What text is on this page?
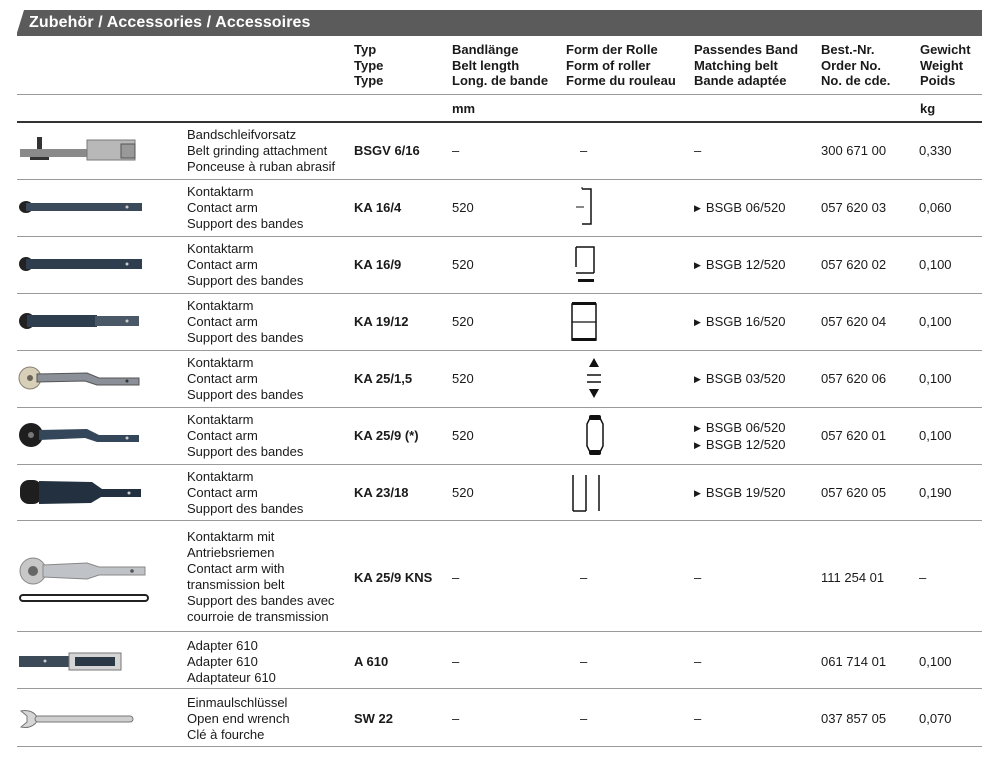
Zubehör / Accessories / Accessoires
Typ
Type
Type
Bandlänge
Belt length
Long. de bande
Form der Rolle
Form of roller
Forme du rouleau
Passendes Band
Matching belt
Bande adaptée
Best.-Nr.
Order No.
No. de cde.
Gewicht
Weight
Poids
mm	kg
Bandschleifvorsatz
Belt grinding attachment
Ponceuse à ruban abrasif
BSGV 6/16 –	–	–	300 671 00	0,330
Kontaktarm
Contact arm
Support des bandes
KA 16/4	520	▶ BSGB 06/520	057 620 03	0,060
Kontaktarm
Contact arm
Support des bandes
KA 16/9	520	▶ BSGB 12/520	057 620 02	0,100
Kontaktarm
Contact arm
Support des bandes
KA 19/12	520	▶ BSGB 16/520	057 620 04	0,100
Kontaktarm
Contact arm
Support des bandes
KA 25/1,5	520	▶ BSGB 03/520	057 620 06	0,100
Kontaktarm
Contact arm
Support des bandes
KA 25/9 (*)	520	▶ BSGB 06/520
▶ BSGB 12/520
057 620 01	0,100
Kontaktarm
Contact arm
Support des bandes
KA 23/18	520	▶ BSGB 19/520	057 620 05	0,190
Kontaktarm mit
Antriebsriemen
Contact arm with
transmission belt
Support des bandes avec
courroie de transmission
KA 25/9 KNS –	–	–	111 254 01	–
Adapter 610
Adapter 610
Adaptateur 610
A 610	–	–	–	061 714 01	0,100
Einmaulschlüssel
Open end wrench
Clé à fourche
SW 22	–	–	–	037 857 05	0,070
